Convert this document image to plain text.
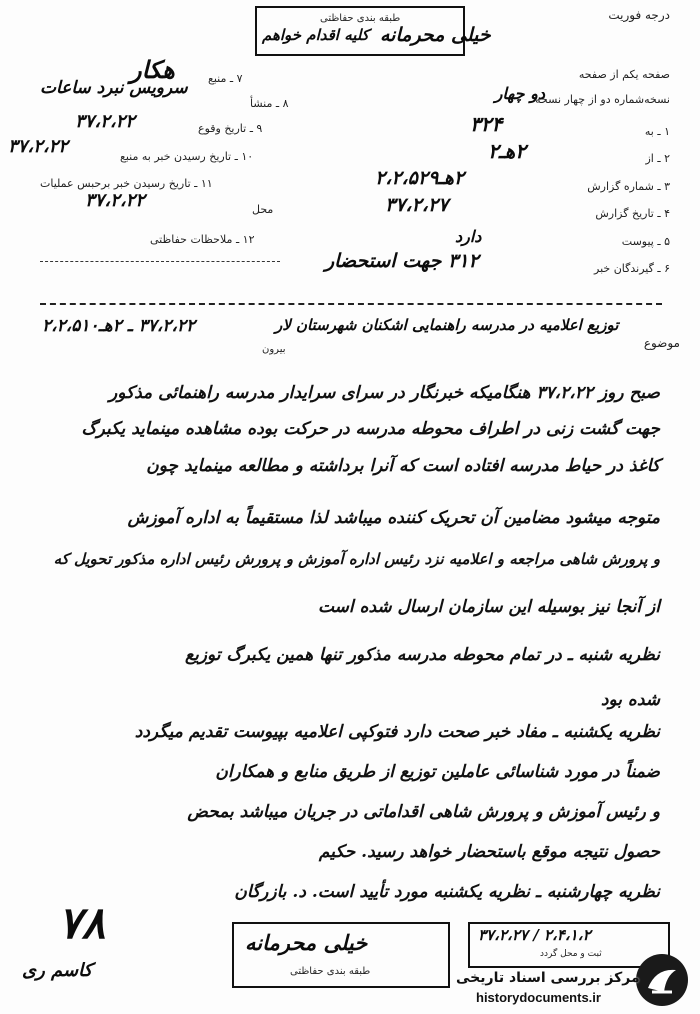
درجه فوریت
طبقه بندی حفاظتی
خیلی محرمانه
كليه اقدام خواهم
هکار
سرویس نبرد ساعات
صفحه یکم از صفحه
نسخه‌شماره دو از چهار نسخه
دو چهار
۷ ـ منبع
۸ ـ منشأ
۹ ـ تاریخ وقوع
۳۷،۲،۲۲
۱۰ ـ تاریخ رسیدن خبر به منبع
۳۷،۲،۲۲
۱۱ ـ تاریخ رسیدن خبر برحبس عملیات
۳۷،۲،۲۲	محل
۱۲ ـ ملاحظات حفاظتی
۱ ـ به
۳۲۴
۲ ـ از
۲هـ۲
۳ ـ شماره گزارش
۲هـ۲،۲،۵۲۹
۴ ـ تاریخ گزارش
۳۷،۲،۲۷
۵ ـ پیوست
دارد
۶ ـ گیرندگان خبر
۳۱۲ جهت استحضار
موضوع
توزیع اعلامیه در مدرسه راهنمایی اشکنان شهرستان لار
۳۷،۲،۲۲ ـ ۲هـ۲،۲،۵۱۰
بیرون
صبح روز ۳۷،۲،۲۲ هنگامیکه خبرنگار در سرای سرایدار مدرسه راهنمائی مذکور
جهت گشت زنی در اطراف محوطه مدرسه در حرکت بوده مشاهده مینماید یکبرگ
کاغذ در حیاط مدرسه افتاده است که آنرا برداشته و مطالعه مینماید چون
متوجه میشود مضامین آن تحریک کننده میباشد لذا مستقیماً به اداره آموزش
و پرورش شاهی مراجعه و اعلامیه نزد رئیس اداره آموزش و پرورش رئیس اداره مذکور تحویل که
از آنجا نیز بوسیله این سازمان ارسال شده است
نظریه شنبه ـ در تمام محوطه مدرسه مذکور تنها همین یکبرگ توزیع
شده بود
نظریه یکشنبه ـ مفاد خبر صحت دارد فتوکپی اعلامیه بپیوست تقدیم میگردد
ضمناً در مورد شناسائی عاملین توزیع از طریق منابع و همکاران
و رئیس آموزش و پرورش شاهی اقداماتی در جریان میباشد بمحض
حصول نتیجه موقع باستحضار خواهد رسید. حکیم
نظریه چهارشنبه ـ نظریه یکشنبه مورد تأیید است. د. بازرگان
۷۸
کاسم ری
خیلی محرمانه
طبقه بندی حفاظتی
۳۷،۲،۲۷ / ۲،۴،۱،۲
ثبت و محل گردد
مرکز بررسی اسناد تاریخی
historydocuments.ir
